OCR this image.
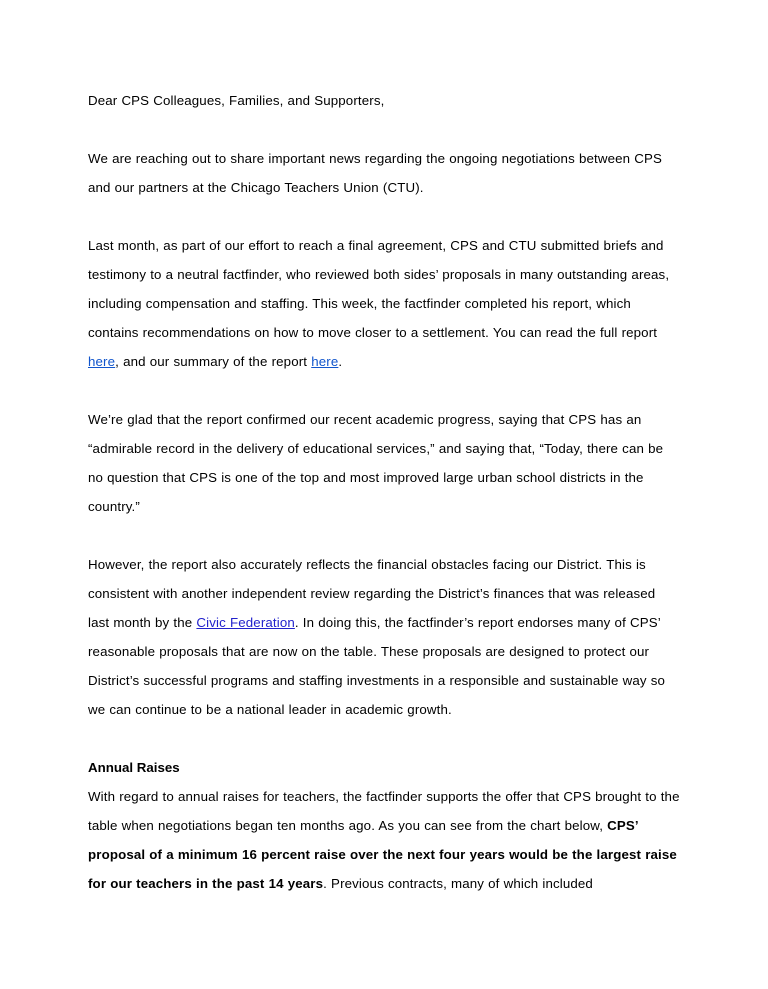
Dear CPS Colleagues, Families, and Supporters,

We are reaching out to share important news regarding the ongoing negotiations between CPS and our partners at the Chicago Teachers Union (CTU).

Last month, as part of our effort to reach a final agreement, CPS and CTU submitted briefs and testimony to a neutral factfinder, who reviewed both sides’ proposals in many outstanding areas, including compensation and staffing. This week, the factfinder completed his report, which contains recommendations on how to move closer to a settlement. You can read the full report here, and our summary of the report here.

We’re glad that the report confirmed our recent academic progress, saying that CPS has an “admirable record in the delivery of educational services,” and saying that, “Today, there can be no question that CPS is one of the top and most improved large urban school districts in the country.”

However, the report also accurately reflects the financial obstacles facing our District. This is consistent with another independent review regarding the District’s finances that was released last month by the Civic Federation. In doing this, the factfinder’s report endorses many of CPS’ reasonable proposals that are now on the table. These proposals are designed to protect our District’s successful programs and staffing investments in a responsible and sustainable way so we can continue to be a national leader in academic growth.

Annual Raises

With regard to annual raises for teachers, the factfinder supports the offer that CPS brought to the table when negotiations began ten months ago. As you can see from the chart below, CPS’ proposal of a minimum 16 percent raise over the next four years would be the largest raise for our teachers in the past 14 years. Previous contracts, many of which included
